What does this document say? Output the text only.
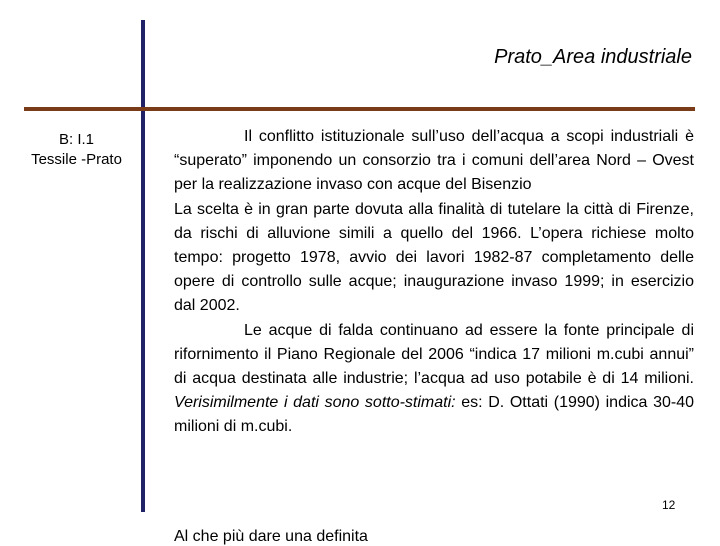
Prato_Area industriale
B: I.1
Tessile -Prato

Il conflitto istituzionale sull’uso dell’acqua a scopi industriali è “superato” imponendo un consorzio tra i comuni dell’area Nord – Ovest per la realizzazione invaso con acque del Bisenzio

La scelta è in gran parte dovuta alla finalità di tutelare la città di Firenze, da rischi di alluvione simili a quello del 1966. L’opera richiese molto tempo: progetto 1978, avvio dei lavori 1982-87 completamento delle opere di controllo sulle acque; inaugurazione invaso 1999; in esercizio dal 2002.

Le acque di falda continuano ad essere la fonte principale di rifornimento il Piano Regionale del 2006 “indica 17 milioni m.cubi annui” di acqua destinata alle industrie; l’acqua ad uso potabile è di 14 milioni. Verisimilmente i dati sono sotto-stimati: es: D. Ottati (1990) indica 30-40 milioni di m.cubi.

Al che più dare una definita
12
